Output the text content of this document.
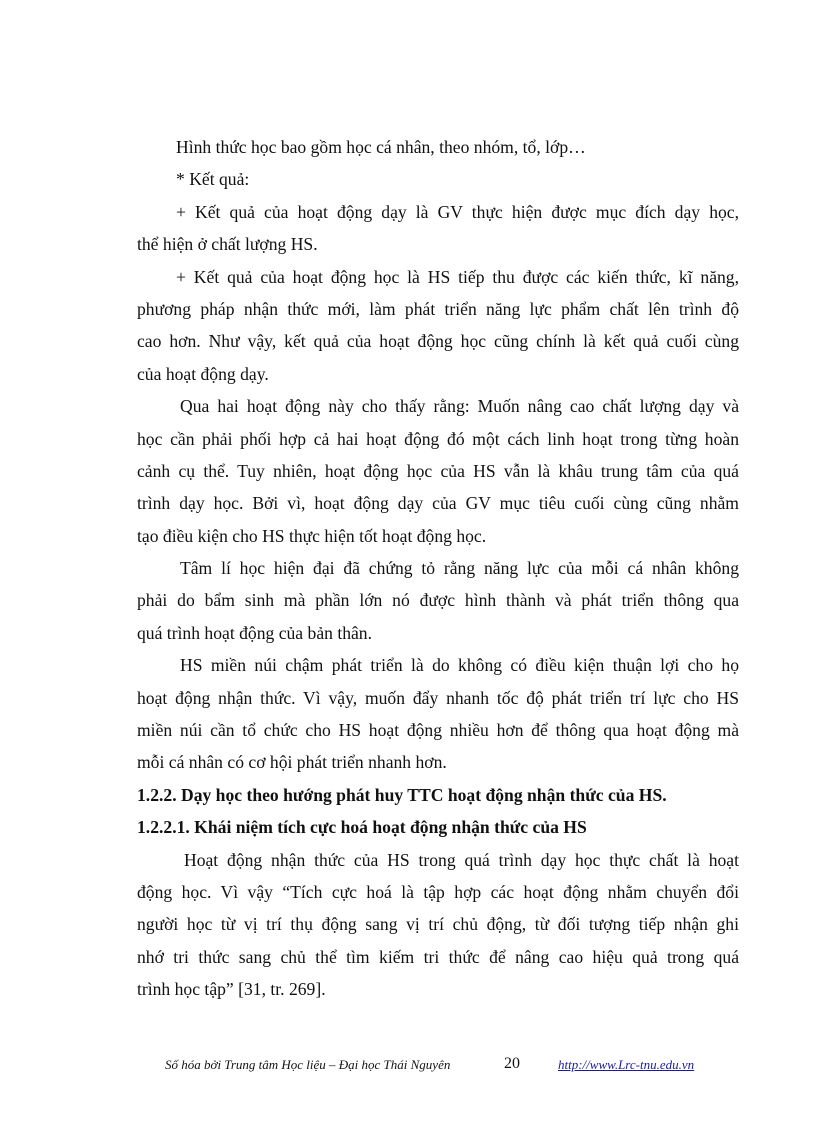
Hình thức học bao gồm học cá nhân, theo nhóm, tổ, lớp…
* Kết quả:
+ Kết quả của hoạt động dạy là GV thực hiện được mục đích dạy học,
thể hiện ở chất lượng HS.
+ Kết quả của hoạt động học là HS tiếp thu được các kiến thức, kĩ năng,
phương pháp nhận thức mới, làm phát triển năng lực phẩm chất lên trình độ
cao hơn. Như vậy, kết quả của hoạt động học cũng chính là kết quả cuối cùng
của hoạt động dạy.
Qua hai hoạt động này cho thấy rằng: Muốn nâng cao chất lượng dạy và
học cần phải phối hợp cả hai hoạt động đó một cách linh hoạt trong từng hoàn
cảnh cụ thể. Tuy nhiên, hoạt động học của HS vẫn là khâu trung tâm của quá
trình dạy học. Bởi vì, hoạt động dạy của GV mục tiêu cuối cùng cũng nhằm
tạo điều kiện cho HS thực hiện tốt hoạt động học.
Tâm lí học hiện đại đã chứng tỏ rằng năng lực của mỗi cá nhân không
phải do bẩm sinh mà phần lớn nó được hình thành và phát triển thông qua
quá trình hoạt động của bản thân.
HS miền núi chậm phát triển là do không có điều kiện thuận lợi cho họ
hoạt động nhận thức. Vì vậy, muốn đẩy nhanh tốc độ phát triển trí lực cho HS
miền núi cần tổ chức cho HS hoạt động nhiều hơn để thông qua hoạt động mà
mỗi cá nhân có cơ hội phát triển nhanh hơn.
1.2.2. Dạy học theo hướng phát huy TTC hoạt động nhận thức của HS.
1.2.2.1. Khái niệm tích cực hoá hoạt động nhận thức của HS
Hoạt động nhận thức của HS trong quá trình dạy học thực chất là hoạt
động học. Vì vậy “Tích cực hoá là tập hợp các hoạt động nhằm chuyển đổi
người học từ vị trí thụ động sang vị trí chủ động, từ đối tượng tiếp nhận ghi
nhớ tri thức sang chủ thể tìm kiếm tri thức để nâng cao hiệu quả trong quá
trình học tập” [31, tr. 269].
Số hóa bởi Trung tâm Học liệu – Đại học Thái Nguyên	20	http://www.Lrc-tnu.edu.vn
